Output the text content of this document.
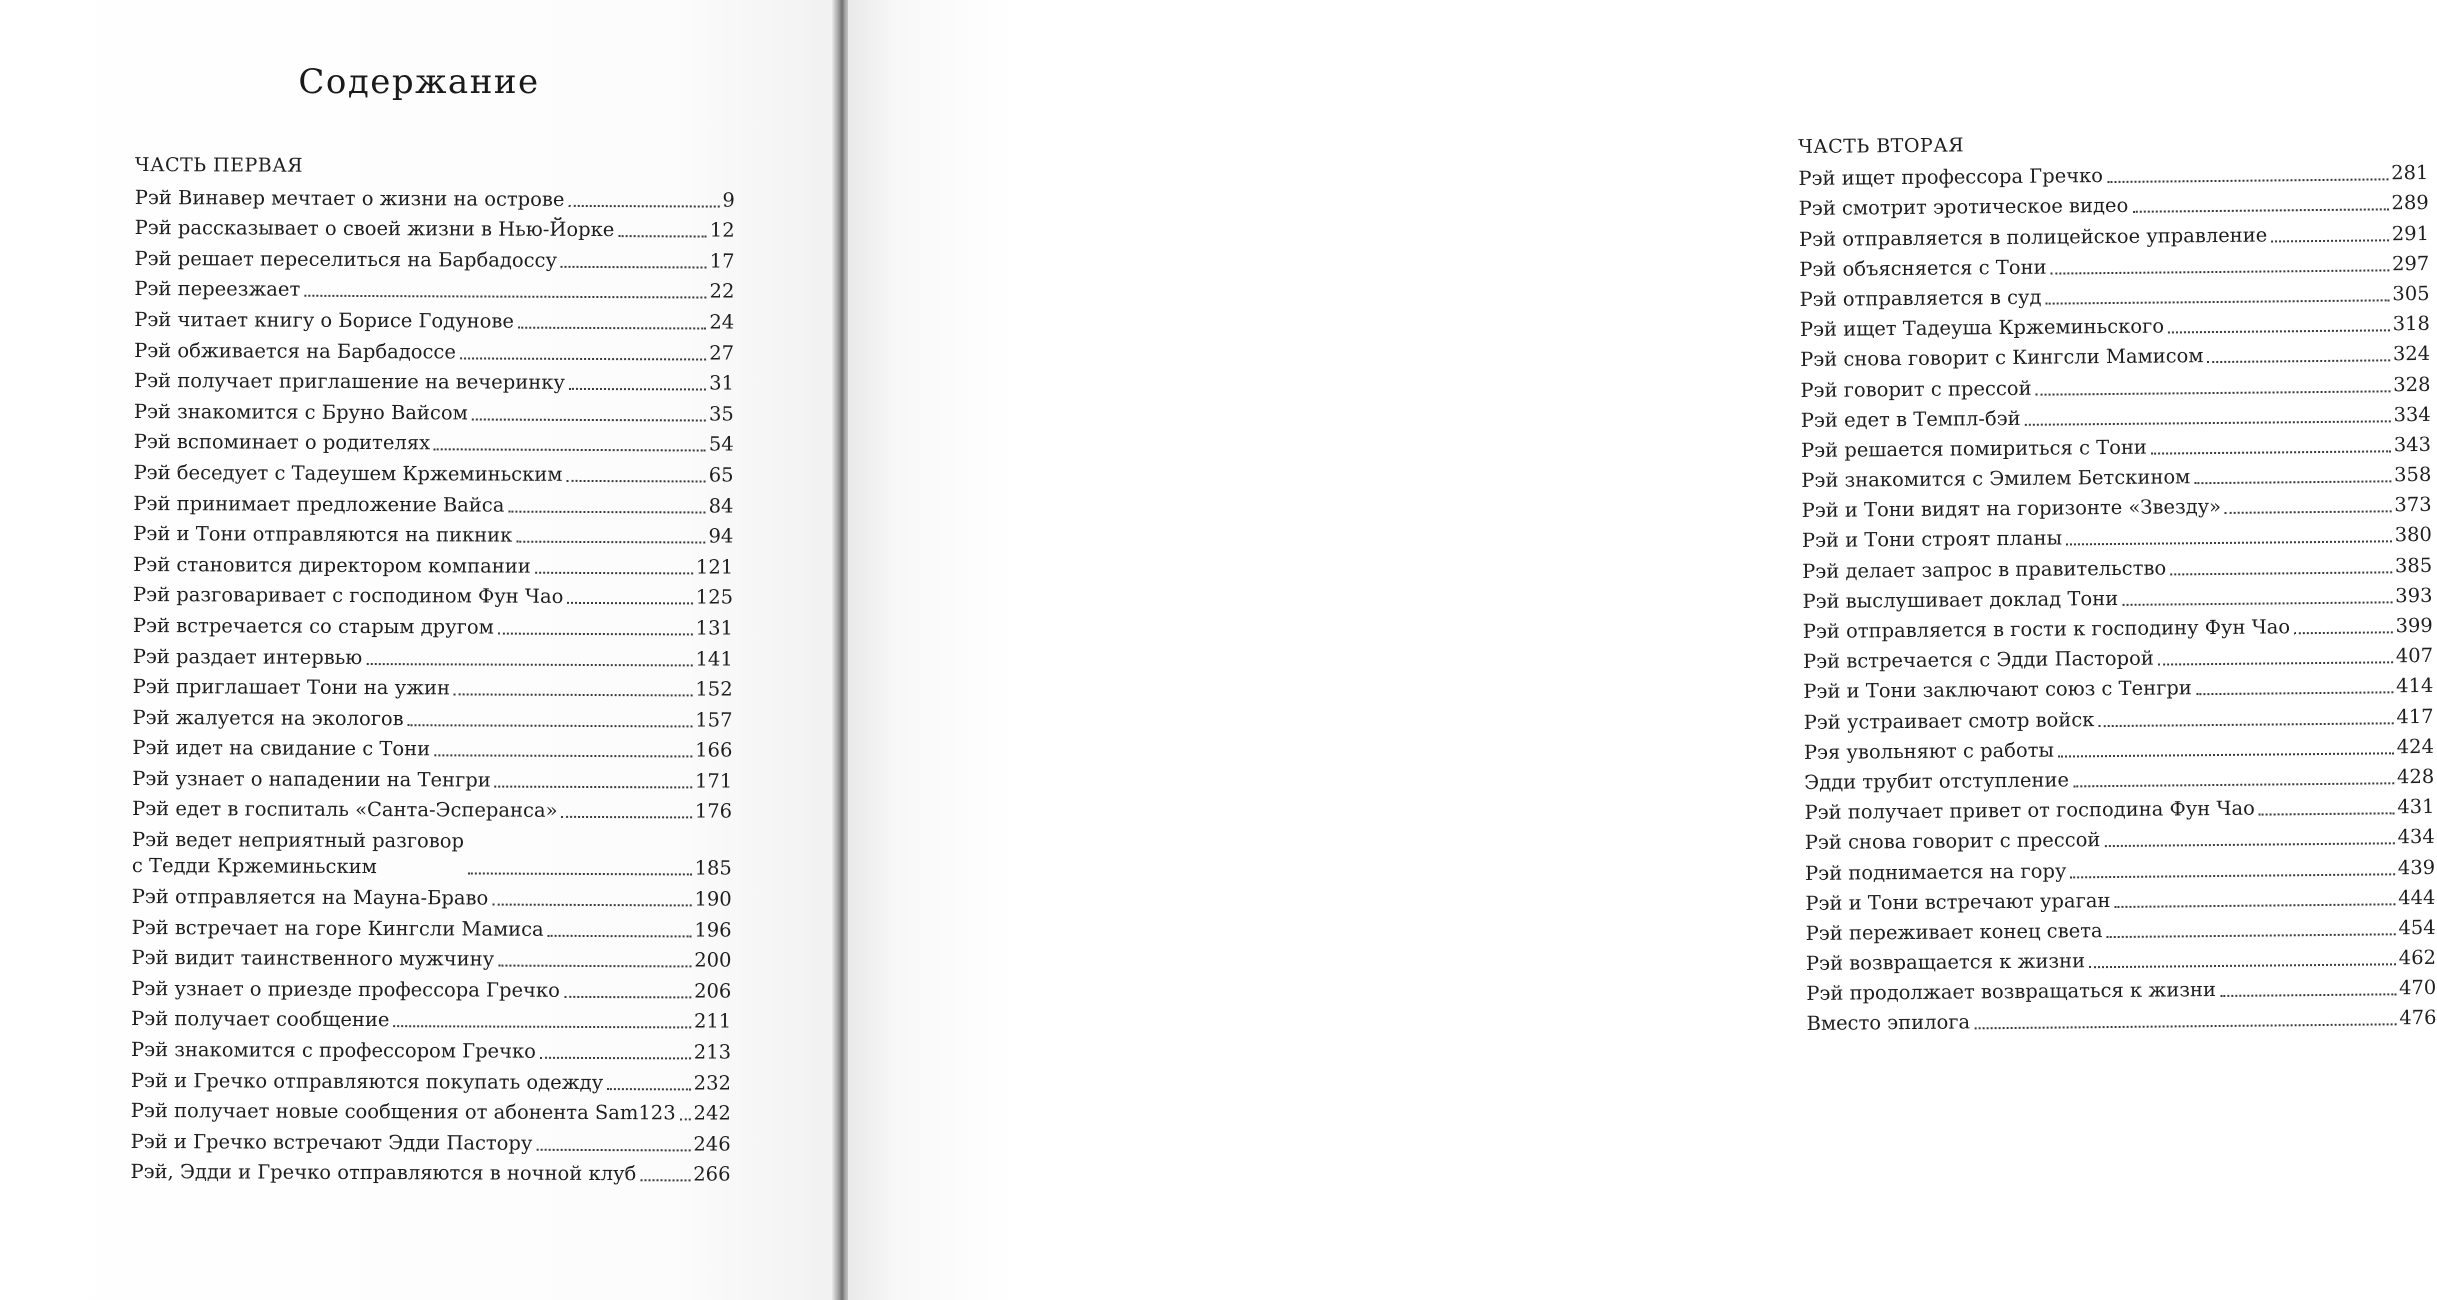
Содержание
ЧАСТЬ ПЕРВАЯ
Рэй Винавер мечтает о жизни на острове	9
Рэй рассказывает о своей жизни в Нью-Йорке	12
Рэй решает переселиться на Барбадоссу	17
Рэй переезжает	22
Рэй читает книгу о Борисе Годунове	24
Рэй обживается на Барбадоссе	27
Рэй получает приглашение на вечеринку	31
Рэй знакомится с Бруно Вайсом	35
Рэй вспоминает о родителях	54
Рэй беседует с Тадеушем Кржеминьским	65
Рэй принимает предложение Вайса	84
Рэй и Тони отправляются на пикник	94
Рэй становится директором компании	121
Рэй разговаривает с господином Фун Чао	125
Рэй встречается со старым другом	131
Рэй раздает интервью	141
Рэй приглашает Тони на ужин	152
Рэй жалуется на экологов	157
Рэй идет на свидание с Тони	166
Рэй узнает о нападении на Тенгри	171
Рэй едет в госпиталь «Санта-Эсперанса»	176
Рэй ведет неприятный разговор
с Тедди Кржеминьским	185
Рэй отправляется на Мауна-Браво	190
Рэй встречает на горе Кингсли Мамиса	196
Рэй видит таинственного мужчину	200
Рэй узнает о приезде профессора Гречко	206
Рэй получает сообщение	211
Рэй знакомится с профессором Гречко	213
Рэй и Гречко отправляются покупать одежду	232
Рэй получает новые сообщения от абонента Sam123 242
Рэй и Гречко встречают Эдди Пастору	246
Рэй, Эдди и Гречко отправляются в ночной клуб	266
ЧАСТЬ ВТОРАЯ
Рэй ищет профессора Гречко	281
Рэй смотрит эротическое видео	289
Рэй отправляется в полицейское управление	291
Рэй объясняется с Тони	297
Рэй отправляется в суд	305
Рэй ищет Тадеуша Кржеминьского	318
Рэй снова говорит с Кингсли Мамисом	324
Рэй говорит с прессой	328
Рэй едет в Темпл-бэй	334
Рэй решается помириться с Тони	343
Рэй знакомится с Эмилем Бетскином	358
Рэй и Тони видят на горизонте «Звезду»	373
Рэй и Тони строят планы	380
Рэй делает запрос в правительство	385
Рэй выслушивает доклад Тони	393
Рэй отправляется в гости к господину Фун Чао	399
Рэй встречается с Эдди Пасторой	407
Рэй и Тони заключают союз с Тенгри	414
Рэй устраивает смотр войск	417
Рэя увольняют с работы	424
Эдди трубит отступление	428
Рэй получает привет от господина Фун Чао	431
Рэй снова говорит с прессой	434
Рэй поднимается на гору	439
Рэй и Тони встречают ураган	444
Рэй переживает конец света	454
Рэй возвращается к жизни	462
Рэй продолжает возвращаться к жизни	470
Вместо эпилога	476
